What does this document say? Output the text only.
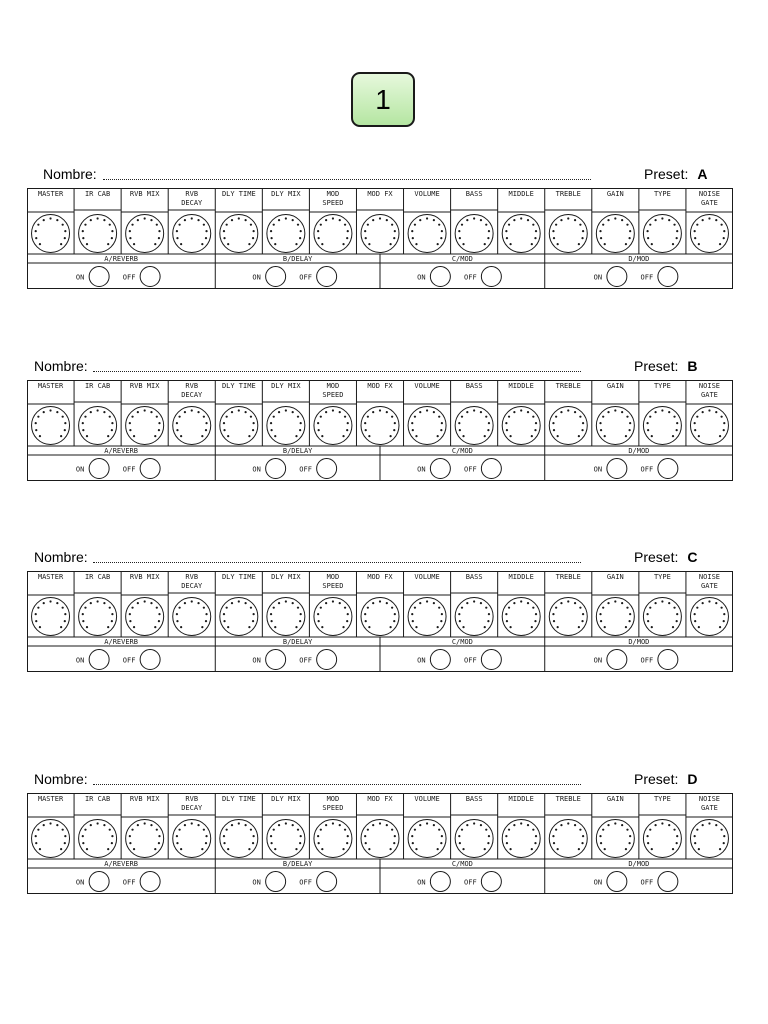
1
Nombre:	Preset: A
MASTER	IR CAB	RVB MIX	RVB
DECAY
DLY TIME DLY MIX	MOD
SPEED
MOD FX	VOLUME	BASS	MIDDLE	TREBLE	GAIN	TYPE	NOISE
GATE
A/REVERB
ON	OFF
B/DELAY
ON	OFF
C/MOD
ON	OFF
D/MOD
ON	OFF
Nombre:	Preset: B
MASTER	IR CAB	RVB MIX	RVB
DECAY
DLY TIME DLY MIX	MOD
SPEED
MOD FX	VOLUME	BASS	MIDDLE	TREBLE	GAIN	TYPE	NOISE
GATE
A/REVERB
ON	OFF
B/DELAY
ON	OFF
C/MOD
ON	OFF
D/MOD
ON	OFF
Nombre:	Preset: C
MASTER	IR CAB	RVB MIX	RVB
DECAY
DLY TIME DLY MIX	MOD
SPEED
MOD FX	VOLUME	BASS	MIDDLE	TREBLE	GAIN	TYPE	NOISE
GATE
A/REVERB
ON	OFF
B/DELAY
ON	OFF
C/MOD
ON	OFF
D/MOD
ON	OFF
Nombre:	Preset: D
MASTER	IR CAB	RVB MIX	RVB
DECAY
DLY TIME DLY MIX	MOD
SPEED
MOD FX	VOLUME	BASS	MIDDLE	TREBLE	GAIN	TYPE	NOISE
GATE
A/REVERB
ON	OFF
B/DELAY
ON	OFF
C/MOD
ON	OFF
D/MOD
ON	OFF
